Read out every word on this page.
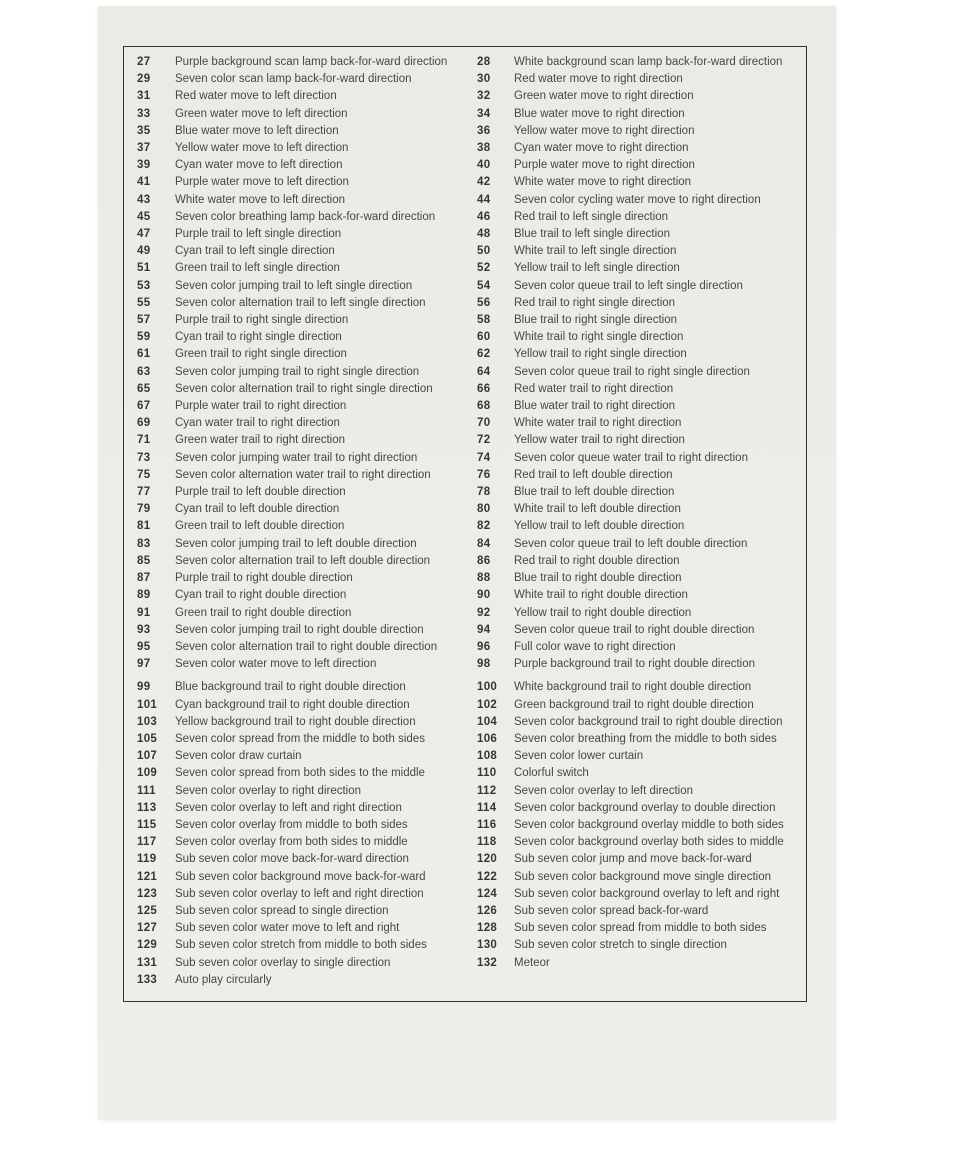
27	Purple background scan lamp back-for-ward direction	28	White background scan lamp back-for-ward direction
29	Seven color scan lamp back-for-ward direction	30	Red water move to right direction
31	Red water move to left direction	32	Green water move to right direction
33	Green water move to left direction	34	Blue water move to right direction
35	Blue water move to left direction	36	Yellow water move to right direction
37	Yellow water move to left direction	38	Cyan water move to right direction
39	Cyan water move to left direction	40	Purple water move to right direction
41	Purple water move to left direction	42	White water move to right direction
43	White water move to left direction	44	Seven color cycling water move to right direction
45	Seven color breathing lamp back-for-ward direction	46	Red trail to left single direction
47	Purple trail to left single direction	48	Blue trail to left single direction
49	Cyan trail to left single direction	50	White trail to left single direction
51	Green trail to left single direction	52	Yellow trail to left single direction
53	Seven color jumping trail to left single direction	54	Seven color queue trail to left single direction
55	Seven color alternation trail to left single direction	56	Red trail to right single direction
57	Purple trail to right single direction	58	Blue trail to right single direction
59	Cyan trail to right single direction	60	White trail to right single direction
61	Green trail to right single direction	62	Yellow trail to right single direction
63	Seven color jumping trail to right single direction	64	Seven color queue trail to right single direction
65	Seven color alternation trail to right single direction	66	Red water trail to right direction
67	Purple water trail to right direction	68	Blue water trail to right direction
69	Cyan water trail to right direction	70	White water trail to right direction
71	Green water trail to right direction	72	Yellow water trail to right direction
73	Seven color jumping water trail to right direction	74	Seven color queue water trail to right direction
75	Seven color alternation water trail to right direction	76	Red trail to left double direction
77	Purple trail to left double direction	78	Blue trail to left double direction
79	Cyan trail to left double direction	80	White trail to left double direction
81	Green trail to left double direction	82	Yellow trail to left double direction
83	Seven color jumping trail to left double direction	84	Seven color queue trail to left double direction
85	Seven color alternation trail to left double direction	86	Red trail to right double direction
87	Purple trail to right double direction	88	Blue trail to right double direction
89	Cyan trail to right double direction	90	White trail to right double direction
91	Green trail to right double direction	92	Yellow trail to right double direction
93	Seven color jumping trail to right double direction	94	Seven color queue trail to right double direction
95	Seven color alternation trail to right double direction	96	Full color wave to right direction
97	Seven color water move to left direction	98	Purple background trail to right double direction
99	Blue background trail to right double direction	100	White background trail to right double direction
101	Cyan background trail to right double direction	102	Green background trail to right double direction
103	Yellow background trail to right double direction	104	Seven color background trail to right double direction
105	Seven color spread from the middle to both sides	106	Seven color breathing from the middle to both sides
107	Seven color draw curtain	108	Seven color lower curtain
109	Seven color spread from both sides to the middle	110	Colorful switch
111	Seven color overlay to right direction	112	Seven color overlay to left direction
113	Seven color overlay to left and right direction	114	Seven color background overlay to double direction
115	Seven color overlay from middle to both sides	116	Seven color background overlay middle to both sides
117	Seven color overlay from both sides to middle	118	Seven color background overlay both sides to middle
119	Sub seven color move back-for-ward direction	120	Sub seven color jump and move back-for-ward
121	Sub seven color background move back-for-ward	122	Sub seven color background move single direction
123	Sub seven color overlay to left and right direction	124	Sub seven color background overlay to left and right
125	Sub seven color spread to single direction	126	Sub seven color spread back-for-ward
127	Sub seven color water move to left and right	128	Sub seven color spread from middle to both sides
129	Sub seven color stretch from middle to both sides	130	Sub seven color stretch to single direction
131	Sub seven color overlay to single direction	132	Meteor
133	Auto play circularly
